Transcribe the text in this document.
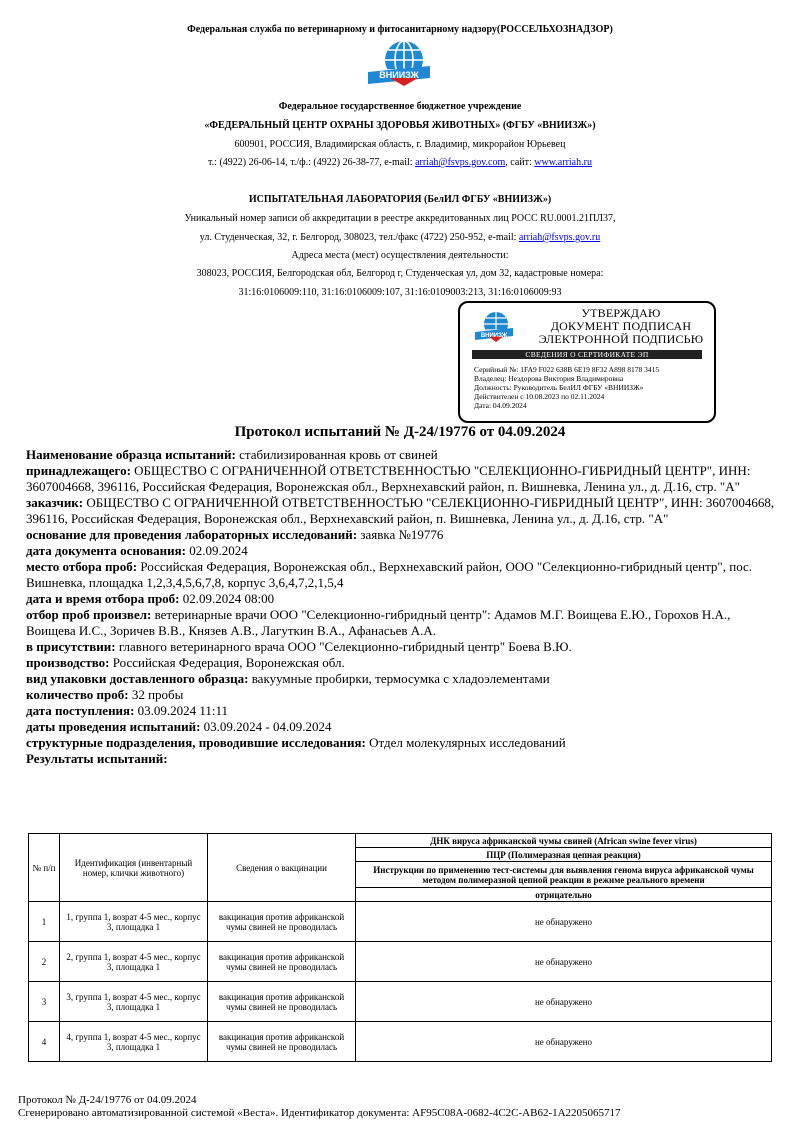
Федеральная служба по ветеринарному и фитосанитарному надзору(РОССЕЛЬХОЗНАДЗОР)
ВНИИЗЖ
Федеральное государственное бюджетное учреждение
«ФЕДЕРАЛЬНЫЙ ЦЕНТР ОХРАНЫ ЗДОРОВЬЯ ЖИВОТНЫХ» (ФГБУ «ВНИИЗЖ»)
600901, РОССИЯ, Владимирская область, г. Владимир, микрорайон Юрьевец
т.: (4922) 26-06-14, т./ф.: (4922) 26-38-77, e-mail: arriah@fsvps.gov.com, сайт: www.arriah.ru
ИСПЫТАТЕЛЬНАЯ ЛАБОРАТОРИЯ (БелИЛ ФГБУ «ВНИИЗЖ»)
Уникальный номер записи об аккредитации в реестре аккредитованных лиц РОСС RU.0001.21ПЛ37,
ул. Студенческая, 32, г. Белгород, 308023, тел./факс (4722) 250-952, e-mail: arriah@fsvps.gov.ru
Адреса места (мест) осуществления деятельности:
308023, РОССИЯ, Белгородская обл, Белгород г, Студенческая ул, дом 32, кадастровые номера:
31:16:0106009:110, 31:16:0106009:107, 31:16:0109003:213, 31:16:0106009:93
ВНИИЗЖ
УТВЕРЖДАЮ
ДОКУМЕНТ ПОДПИСАН
ЭЛЕКТРОННОЙ ПОДПИСЬЮ
СВЕДЕНИЯ О СЕРТИФИКАТЕ ЭП
Серийный №: 1FA9 F022 638B 6E19 8F32 A898 8178 3415
Владелец: Нездорова Виктория Владимировна
Должность: Руководитель БелИЛ ФГБУ «ВНИИЗЖ»
Действителен с 10.08.2023 по 02.11.2024
Дата: 04.09.2024
Протокол испытаний № Д-24/19776 от 04.09.2024

Наименование образца испытаний: стабилизированная кровь от свиней

принадлежащего: ОБЩЕСТВО С ОГРАНИЧЕННОЙ ОТВЕТСТВЕННОСТЬЮ "СЕЛЕКЦИОННО-ГИБРИДНЫЙ ЦЕНТР", ИНН: 3607004668, 396116, Российская Федерация, Воронежская обл., Верхнехавский район, п. Вишневка, Ленина ул., д. Д.16, стр. "А"

заказчик: ОБЩЕСТВО С ОГРАНИЧЕННОЙ ОТВЕТСТВЕННОСТЬЮ "СЕЛЕКЦИОННО-ГИБРИДНЫЙ ЦЕНТР", ИНН: 3607004668, 396116, Российская Федерация, Воронежская обл., Верхнехавский район, п. Вишневка, Ленина ул., д. Д.16, стр. "А"

основание для проведения лабораторных исследований: заявка №19776

дата документа основания: 02.09.2024

место отбора проб: Российская Федерация, Воронежская обл., Верхнехавский район, ООО "Селекционно-гибридный центр", пос. Вишневка, площадка 1,2,3,4,5,6,7,8, корпус 3,6,4,7,2,1,5,4

дата и время отбора проб: 02.09.2024 08:00

отбор проб произвел: ветеринарные врачи ООО "Селекционно-гибридный центр": Адамов М.Г. Воищева Е.Ю., Горохов Н.А., Воищева И.С., Зоричев В.В., Князев А.В., Лагуткин В.А., Афанасьев А.А.

в присутствии: главного ветеринарного врача ООО "Селекционно-гибридный центр" Боева В.Ю.

производство: Российская Федерация, Воронежская обл.

вид упаковки доставленного образца: вакуумные пробирки, термосумка с хладоэлементами

количество проб: 32 пробы

дата поступления: 03.09.2024 11:11

даты проведения испытаний: 03.09.2024 - 04.09.2024

структурные подразделения, проводившие исследования: Отдел молекулярных исследований

Результаты испытаний:

№ п/п	Идентификация (инвентарный номер, клички животного)	Сведения о вакцинации	ДНК вируса африканской чумы свиней (African swine fever virus)
			ПЦР (Полимеразная цепная реакция)
			Инструкции по применению тест-системы для выявления генома вируса африканской чумы методом полимеразной цепной реакции в режиме реального времени
			отрицательно
1	1, группа 1, возрат 4-5 мес., корпус 3, площадка 1	вакцинация против африканской чумы свиней не проводилась	не обнаружено
2	2, группа 1, возрат 4-5 мес., корпус 3, площадка 1	вакцинация против африканской чумы свиней не проводилась	не обнаружено
3	3, группа 1, возрат 4-5 мес., корпус 3, площадка 1	вакцинация против африканской чумы свиней не проводилась	не обнаружено
4	4, группа 1, возрат 4-5 мес., корпус 3, площадка 1	вакцинация против африканской чумы свиней не проводилась	не обнаружено
Протокол № Д-24/19776 от 04.09.2024
Сгенерировано автоматизированной системой «Веста». Идентификатор документа: AF95C08A-0682-4C2C-AB62-1A2205065717
